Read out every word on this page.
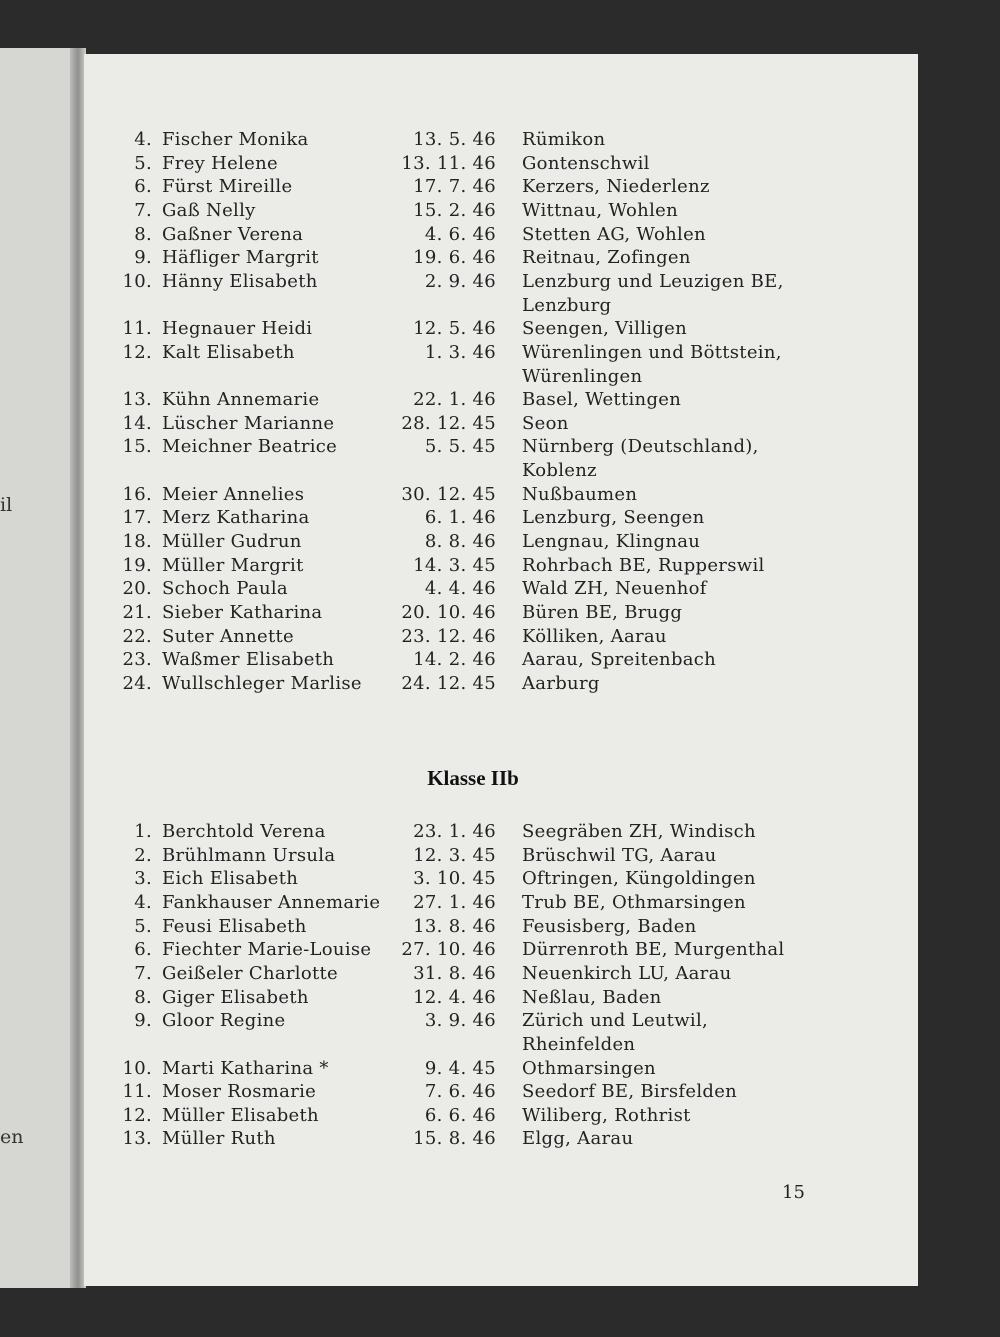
il
en
4. Fischer Monika	13. 5. 46 Rümikon
5. Frey Helene	13. 11. 46 Gontenschwil
6. Fürst Mireille	17. 7. 46 Kerzers, Niederlenz
7. Gaß Nelly	15. 2. 46 Wittnau, Wohlen
8. Gaßner Verena	4. 6. 46 Stetten AG, Wohlen
9. Häfliger Margrit	19. 6. 46 Reitnau, Zofingen
10. Hänny Elisabeth	2. 9. 46 Lenzburg und Leuzigen BE,
Lenzburg
11. Hegnauer Heidi	12. 5. 46 Seengen, Villigen
12. Kalt Elisabeth	1. 3. 46 Würenlingen und Böttstein,
Würenlingen
13. Kühn Annemarie	22. 1. 46 Basel, Wettingen
14. Lüscher Marianne	28. 12. 45 Seon
15. Meichner Beatrice	5. 5. 45 Nürnberg (Deutschland),
Koblenz
16. Meier Annelies	30. 12. 45 Nußbaumen
17. Merz Katharina	6. 1. 46 Lenzburg, Seengen
18. Müller Gudrun	8. 8. 46 Lengnau, Klingnau
19. Müller Margrit	14. 3. 45 Rohrbach BE, Rupperswil
20. Schoch Paula	4. 4. 46 Wald ZH, Neuenhof
21. Sieber Katharina	20. 10. 46 Büren BE, Brugg
22. Suter Annette	23. 12. 46 Kölliken, Aarau
23. Waßmer Elisabeth	14. 2. 46 Aarau, Spreitenbach
24. Wullschleger Marlise	24. 12. 45 Aarburg
Klasse IIb
1. Berchtold Verena	23. 1. 46 Seegräben ZH, Windisch
2. Brühlmann Ursula	12. 3. 45 Brüschwil TG, Aarau
3. Eich Elisabeth	3. 10. 45 Oftringen, Küngoldingen
4. Fankhauser Annemarie	27. 1. 46 Trub BE, Othmarsingen
5. Feusi Elisabeth	13. 8. 46 Feusisberg, Baden
6. Fiechter Marie-Louise	27. 10. 46 Dürrenroth BE, Murgenthal
7. Geißeler Charlotte	31. 8. 46 Neuenkirch LU, Aarau
8. Giger Elisabeth	12. 4. 46 Neßlau, Baden
9. Gloor Regine	3. 9. 46 Zürich und Leutwil,
Rheinfelden
10. Marti Katharina *	9. 4. 45 Othmarsingen
11. Moser Rosmarie	7. 6. 46 Seedorf BE, Birsfelden
12. Müller Elisabeth	6. 6. 46 Wiliberg, Rothrist
13. Müller Ruth	15. 8. 46 Elgg, Aarau
15
